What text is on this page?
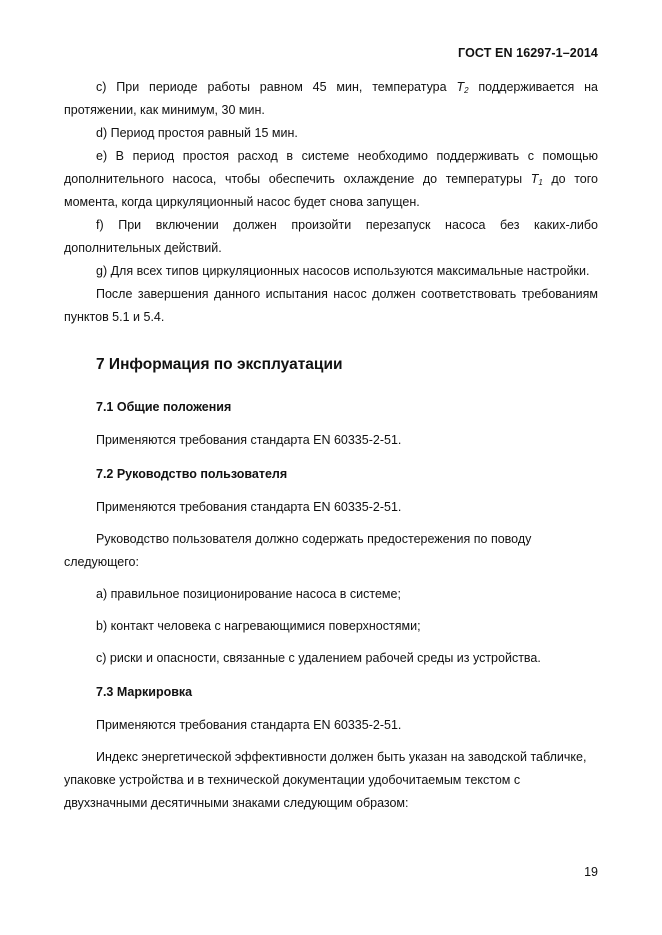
ГОСТ EN 16297-1–2014

c) При периоде работы равном 45 мин, температура $T_2$ поддерживается на протяжении, как минимум, 30 мин.

d) Период простоя равный 15 мин.

e) В период простоя расход в системе необходимо поддерживать с помощью дополнительного насоса, чтобы обеспечить охлаждение до температуры $T_1$ до того момента, когда циркуляционный насос будет снова запущен.

f) При включении должен произойти перезапуск насоса без каких-либо дополнительных действий.

g) Для всех типов циркуляционных насосов используются максимальные настройки.

После завершения данного испытания насос должен соответствовать требованиям пунктов 5.1 и 5.4.

7 Информация по эксплуатации
7.1 Общие положения

Применяются требования стандарта EN 60335-2-51.

7.2 Руководство пользователя

Применяются требования стандарта EN 60335-2-51.

Руководство пользователя должно содержать предостережения по поводу следующего:

a) правильное позиционирование насоса в системе;

b) контакт человека с нагревающимися поверхностями;

c) риски и опасности, связанные с удалением рабочей среды из устройства.

7.3 Маркировка

Применяются требования стандарта EN 60335-2-51.

Индекс энергетической эффективности должен быть указан на заводской табличке, упаковке устройства и в технической документации удобочитаемым текстом с двухзначными десятичными знаками следующим образом:

19
